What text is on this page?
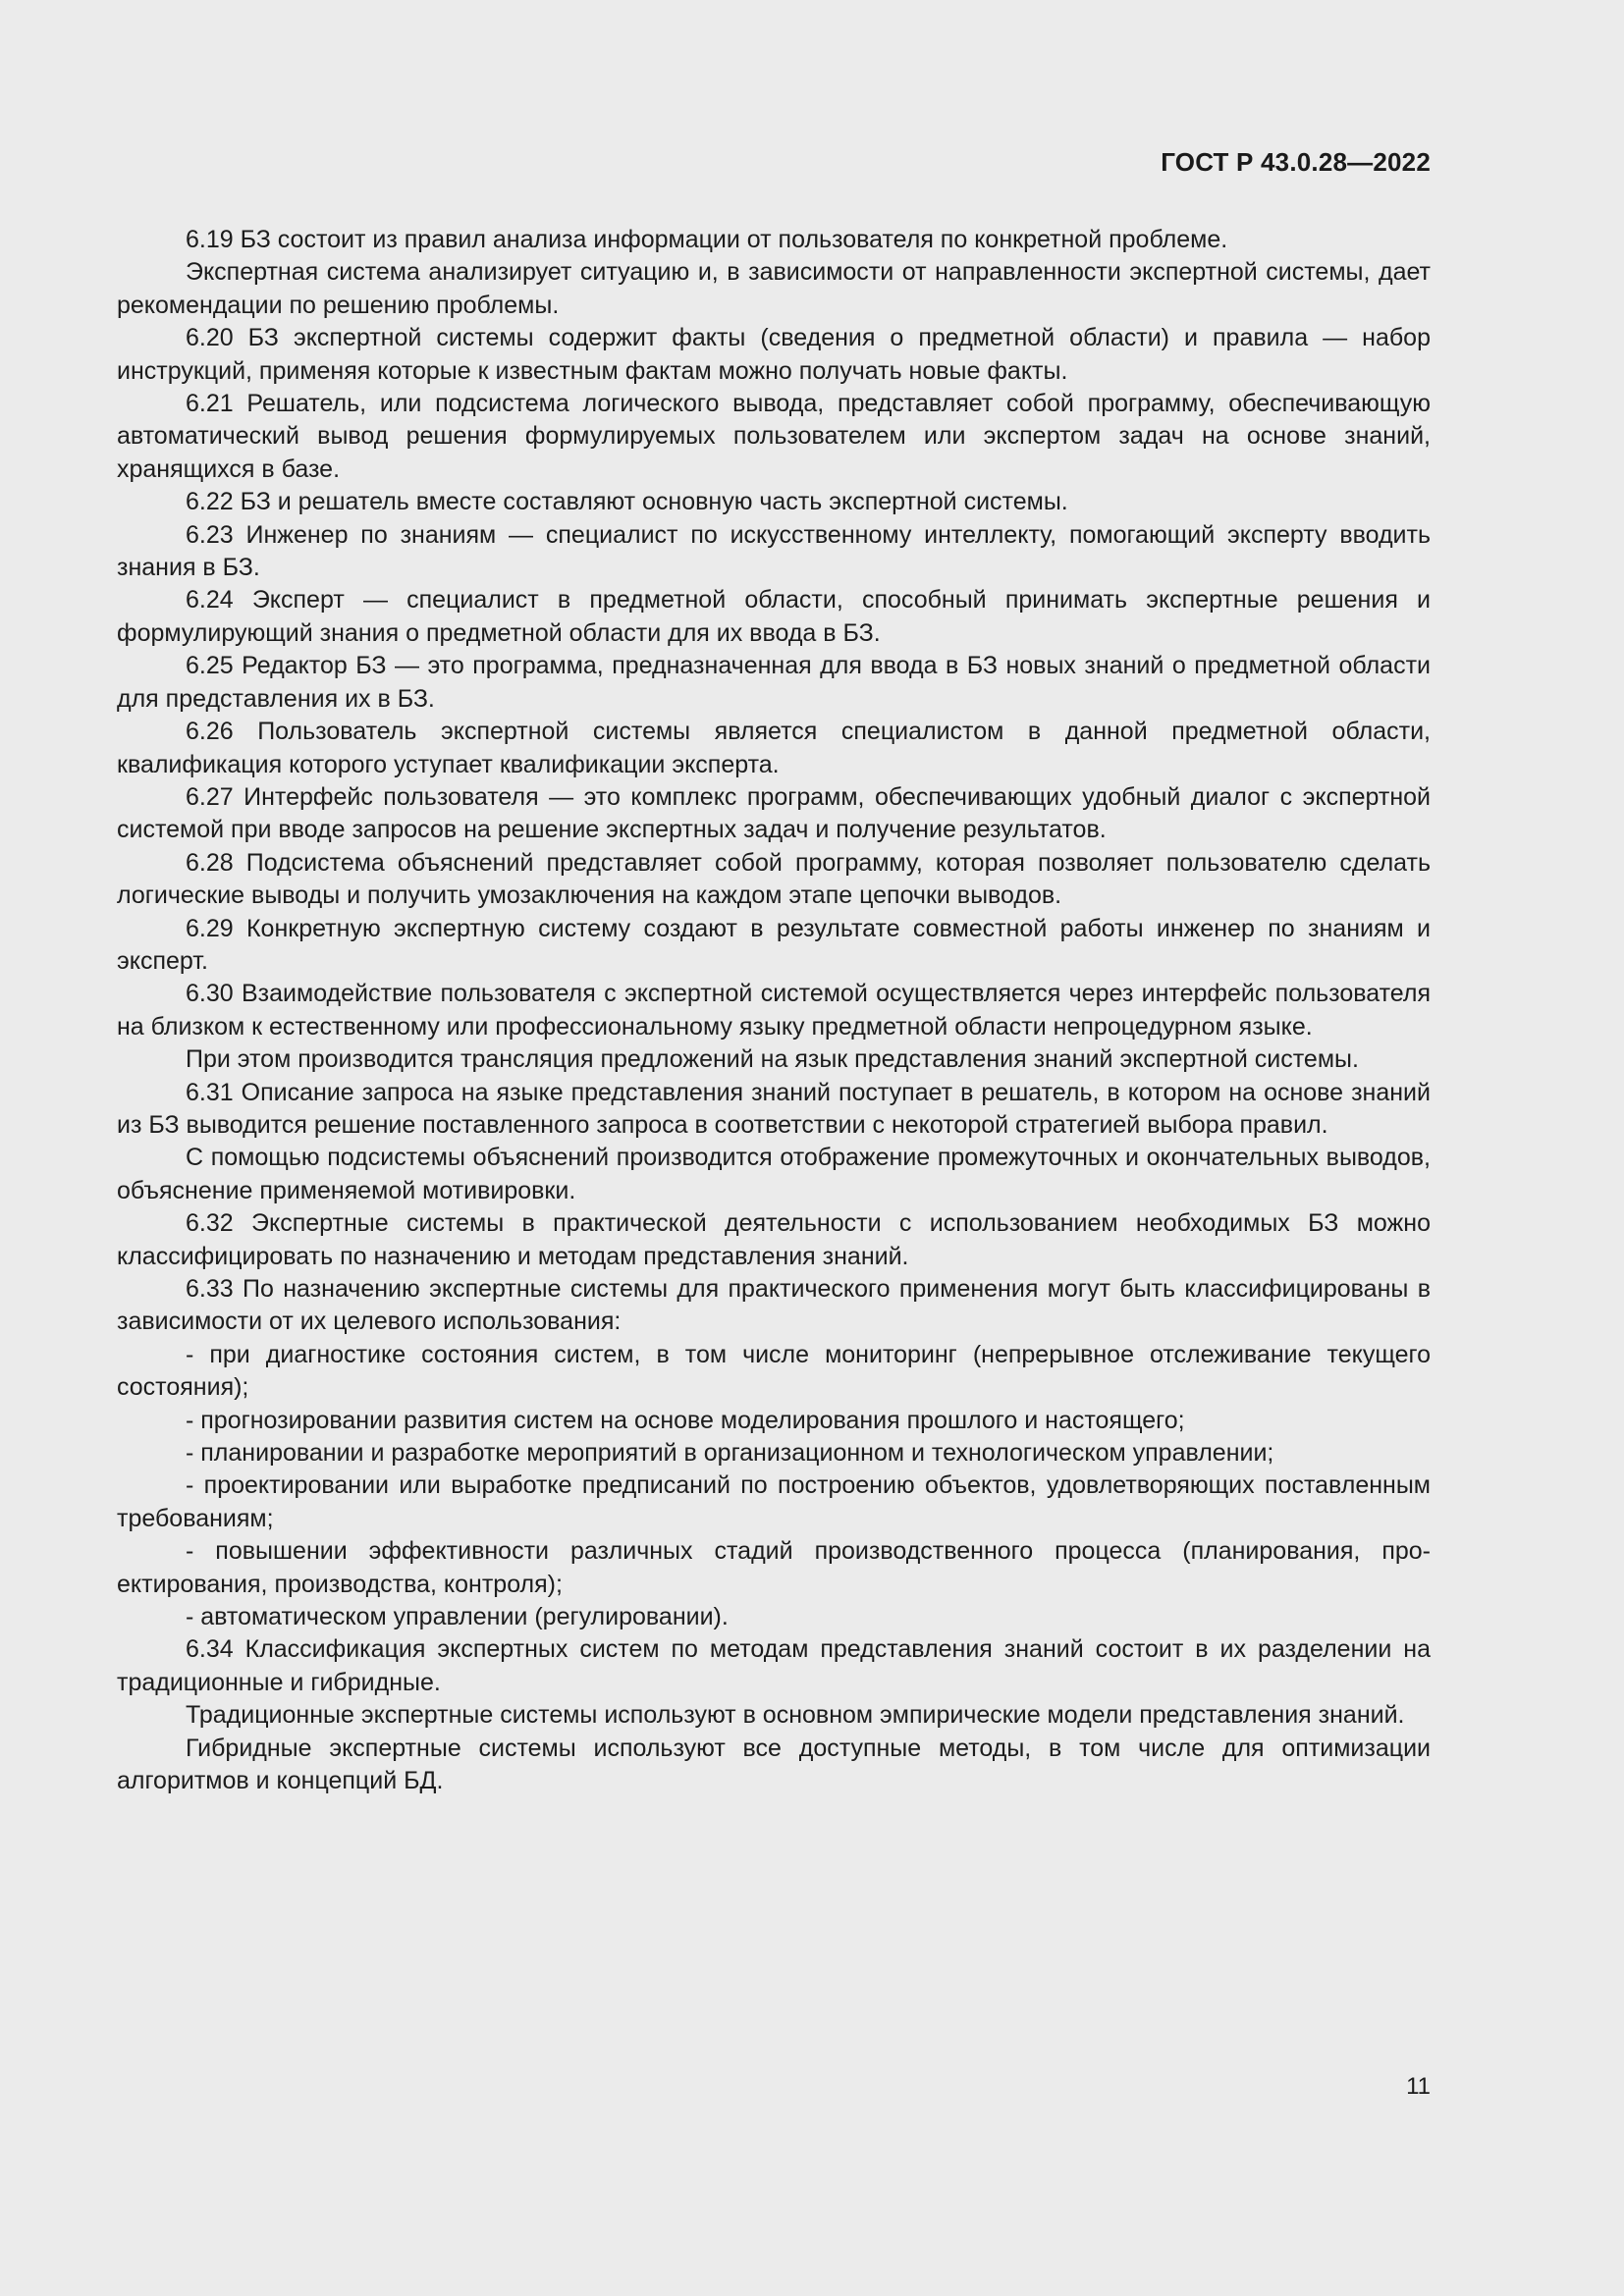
ГОСТ Р 43.0.28—2022

6.19 БЗ состоит из правил анализа информации от пользователя по конкретной проблеме.

Экспертная система анализирует ситуацию и, в зависимости от направленности экспертной системы, дает рекомендации по решению проблемы.

6.20 БЗ экспертной системы содержит факты (сведения о предметной области) и правила — набор инструкций, применяя которые к известным фактам можно получать новые факты.

6.21 Решатель, или подсистема логического вывода, представляет собой программу, обеспечивающую автоматический вывод решения формулируемых пользователем или экспертом задач на основе знаний, хранящихся в базе.

6.22 БЗ и решатель вместе составляют основную часть экспертной системы.

6.23 Инженер по знаниям — специалист по искусственному интеллекту, помогающий эксперту вводить знания в БЗ.

6.24 Эксперт — специалист в предметной области, способный принимать экспертные решения и формулирующий знания о предметной области для их ввода в БЗ.

6.25 Редактор БЗ — это программа, предназначенная для ввода в БЗ новых знаний о предметной области для представления их в БЗ.

6.26 Пользователь экспертной системы является специалистом в данной предметной области, квалификация которого уступает квалификации эксперта.

6.27 Интерфейс пользователя — это комплекс программ, обеспечивающих удобный диалог с экспертной системой при вводе запросов на решение экспертных задач и получение результатов.

6.28 Подсистема объяснений представляет собой программу, которая позволяет пользователю сделать логические выводы и получить умозаключения на каждом этапе цепочки выводов.

6.29 Конкретную экспертную систему создают в результате совместной работы инженер по знаниям и эксперт.

6.30 Взаимодействие пользователя с экспертной системой осуществляется через интерфейс пользователя на близком к естественному или профессиональному языку предметной области непроцедурном языке.

При этом производится трансляция предложений на язык представления знаний экспертной системы.

6.31 Описание запроса на языке представления знаний поступает в решатель, в котором на основе знаний из БЗ выводится решение поставленного запроса в соответствии с некоторой стратегией выбора правил.

С помощью подсистемы объяснений производится отображение промежуточных и окончательных выводов, объяснение применяемой мотивировки.

6.32 Экспертные системы в практической деятельности с использованием необходимых БЗ можно классифицировать по назначению и методам представления знаний.

6.33 По назначению экспертные системы для практического применения могут быть классифицированы в зависимости от их целевого использования:

- при диагностике состояния систем, в том числе мониторинг (непрерывное отслеживание текущего состояния);

- прогнозировании развития систем на основе моделирования прошлого и настоящего;

- планировании и разработке мероприятий в организационном и технологическом управлении;

- проектировании или выработке предписаний по построению объектов, удовлетворяющих поставленным требованиям;

- повышении эффективности различных стадий производственного процесса (планирования, проектирования, производства, контроля);

- автоматическом управлении (регулировании).

6.34 Классификация экспертных систем по методам представления знаний состоит в их разделении на традиционные и гибридные.

Традиционные экспертные системы используют в основном эмпирические модели представления знаний.

Гибридные экспертные системы используют все доступные методы, в том числе для оптимизации алгоритмов и концепций БД.

11
